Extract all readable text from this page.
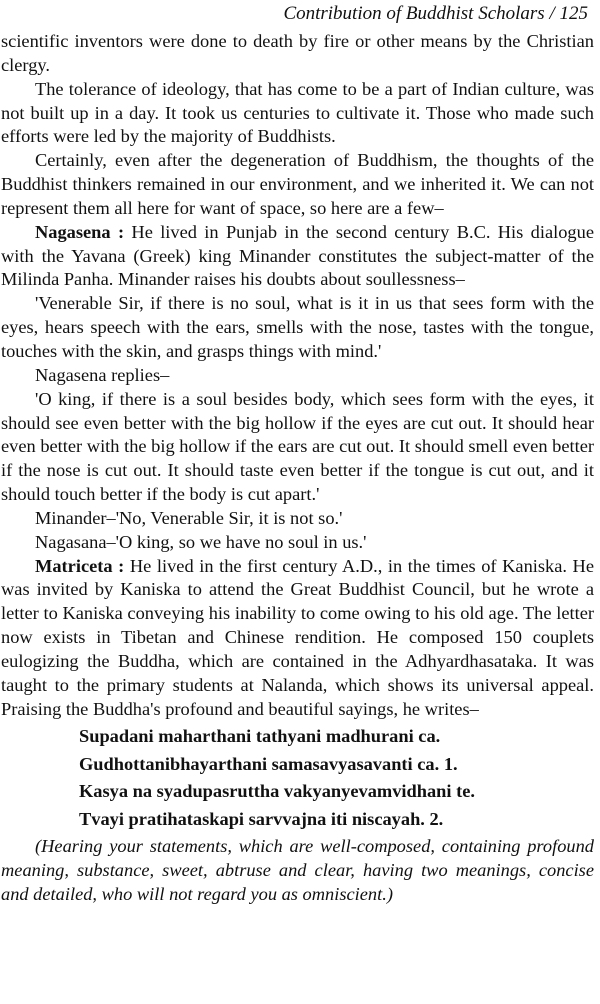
Contribution of Buddhist Scholars / 125

scientific inventors were done to death by fire or other means by the Christian clergy.

The tolerance of ideology, that has come to be a part of Indian culture, was not built up in a day. It took us centuries to cultivate it. Those who made such efforts were led by the majority of Buddhists.

Certainly, even after the degeneration of Buddhism, the thoughts of the Buddhist thinkers remained in our environment, and we inherited it. We can not represent them all here for want of space, so here are a few–

Nagasena : He lived in Punjab in the second century B.C. His dialogue with the Yavana (Greek) king Minander constitutes the subject-matter of the Milinda Panha. Minander raises his doubts about soullessness–

'Venerable Sir, if there is no soul, what is it in us that sees form with the eyes, hears speech with the ears, smells with the nose, tastes with the tongue, touches with the skin, and grasps things with mind.'

Nagasena replies–

'O king, if there is a soul besides body, which sees form with the eyes, it should see even better with the big hollow if the eyes are cut out. It should hear even better with the big hollow if the ears are cut out. It should smell even better if the nose is cut out. It should taste even better if the tongue is cut out, and it should touch better if the body is cut apart.'

Minander–'No, Venerable Sir, it is not so.'

Nagasana–'O king, so we have no soul in us.'

Matriceta : He lived in the first century A.D., in the times of Kaniska. He was invited by Kaniska to attend the Great Buddhist Council, but he wrote a letter to Kaniska conveying his inability to come owing to his old age. The letter now exists in Tibetan and Chinese rendition. He composed 150 couplets eulogizing the Buddha, which are contained in the Adhyardhasataka. It was taught to the primary students at Nalanda, which shows its universal appeal. Praising the Buddha's profound and beautiful sayings, he writes–

Supadani maharthani tathyani madhurani ca.
Gudhottanibhayarthani samasavyasavanti ca. 1.
Kasya na syadupasruttha vakyanyevamvidhani te.
Tvayi pratihataskapi sarvvajna iti niscayah. 2.

(Hearing your statements, which are well-composed, containing profound meaning, substance, sweet, abtruse and clear, having two meanings, concise and detailed, who will not regard you as omniscient.)
